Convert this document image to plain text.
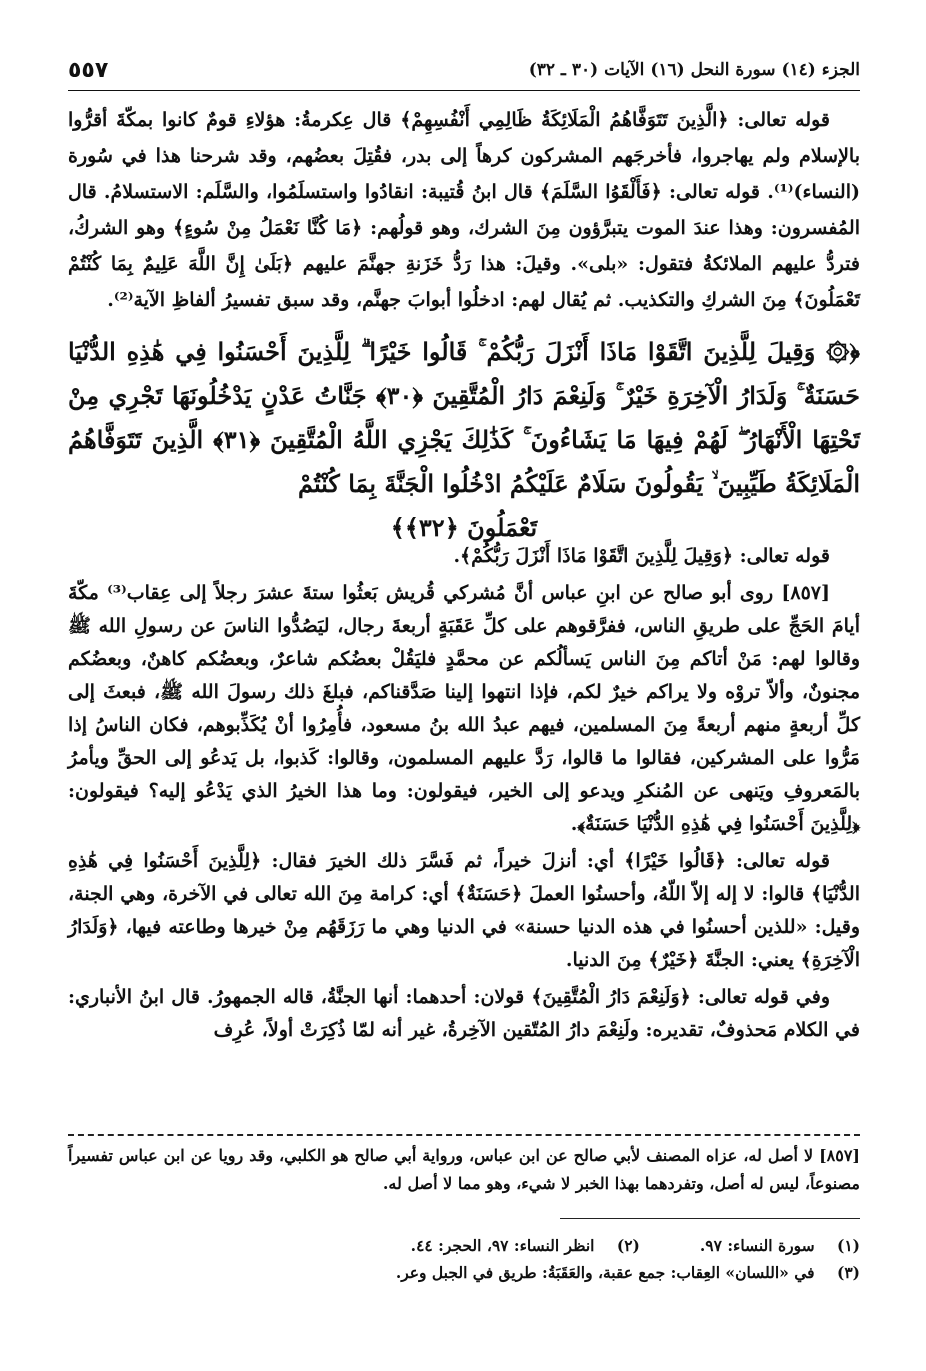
الجزء (١٤) سورة النحل (١٦) الآيات (٣٠ ـ ٣٢)
٥٥٧

قوله تعالى: ﴿الَّذِينَ تَتَوَفَّاهُمُ الْمَلَائِكَةُ ظَالِمِي أَنْفُسِهِمْ﴾ قال عِكرمةُ: هؤلاءِ قومٌ كانوا بمكّةَ أقرُّوا بالإسلام ولم يهاجروا، فأخرجَهم المشركون كرهاً إلى بدر، فقُتِلَ بعضُهم، وقد شرحنا هذا في سُورة (النساء)⁽¹⁾. قوله تعالى: ﴿فَأَلْقَوُا السَّلَمَ﴾ قال ابنُ قُتيبة: انقادُوا واستسلَمُوا، والسَّلَم: الاستسلامُ. قال المُفسرون: وهذا عندَ الموت يتبرَّؤون مِنَ الشرك، وهو قولُهم: ﴿مَا كُنَّا نَعْمَلُ مِنْ سُوءٍ﴾ وهو الشركُ، فتردُّ عليهم الملائكةُ فتقول: «بلى». وقيلَ: هذا رَدُّ خَزَنةِ جهنَّمَ عليهم ﴿بَلَىٰ إِنَّ اللَّهَ عَلِيمٌ بِمَا كُنْتُمْ تَعْمَلُونَ﴾ مِنَ الشركِ والتكذيب. ثم يُقال لهم: ادخلُوا أبوابَ جهنَّم، وقد سبق تفسيرُ ألفاظِ الآية⁽²⁾.

﴿۞ وَقِيلَ لِلَّذِينَ اتَّقَوْا مَاذَا أَنْزَلَ رَبُّكُمْ ۚ قَالُوا خَيْرًا ۗ لِلَّذِينَ أَحْسَنُوا فِي هَٰذِهِ الدُّنْيَا حَسَنَةٌ ۚ وَلَدَارُ الْآخِرَةِ خَيْرٌ ۚ وَلَنِعْمَ دَارُ الْمُتَّقِينَ ﴿٣٠﴾ جَنَّاتُ عَدْنٍ يَدْخُلُونَهَا تَجْرِي مِنْ تَحْتِهَا الْأَنْهَارُ ۖ لَهُمْ فِيهَا مَا يَشَاءُونَ ۚ كَذَٰلِكَ يَجْزِي اللَّهُ الْمُتَّقِينَ ﴿٣١﴾ الَّذِينَ تَتَوَفَّاهُمُ الْمَلَائِكَةُ طَيِّبِينَ ۙ يَقُولُونَ سَلَامٌ عَلَيْكُمُ ادْخُلُوا الْجَنَّةَ بِمَا كُنْتُمْ
تَعْمَلُونَ ﴿٣٢﴾﴾

قوله تعالى: ﴿وَقِيلَ لِلَّذِينَ اتَّقَوْا مَاذَا أَنْزَلَ رَبُّكُمْ﴾.

[٨٥٧] روى أبو صالح عن ابنِ عباس أنَّ مُشركي قُريش بَعثُوا ستةَ عشرَ رجلاً إلى عِقاب⁽³⁾ مكّةَ أيامَ الحَجِّ على طريقِ الناس، ففرَّقوهم على كلِّ عَقَبَةٍ أربعةَ رجال، ليَصُدُّوا الناسَ عن رسولِ الله ﷺ وقالوا لهم: مَنْ أتاكم مِنَ الناس يَسألُكم عن محمَّدٍ فليَقُلْ بعضُكم شاعرٌ، وبعضُكم كاهنٌ، وبعضُكم مجنونٌ، وألاّ تروْه ولا يراكم خيرٌ لكم، فإذا انتهوا إلينا صَدَّقناكم، فبلغَ ذلك رسولَ الله ﷺ، فبعثَ إلى كلِّ أربعةٍ منهم أربعةً مِنَ المسلمين، فيهم عبدُ الله بنُ مسعود، فأُمِرُوا أنْ يُكَذِّبوهم، فكان الناسُ إذا مَرُّوا على المشركين، فقالوا ما قالوا، رَدَّ عليهم المسلمون، وقالوا: كَذبوا، بل يَدعُو إلى الحقِّ ويأمرُ بالمَعروفِ ويَنهى عن المُنكرِ ويدعو إلى الخير، فيقولون: وما هذا الخيرُ الذي يَدْعُو إليه؟ فيقولون: ﴿لِلَّذِينَ أَحْسَنُوا فِي هَٰذِهِ الدُّنْيَا حَسَنَةٌ﴾.

قوله تعالى: ﴿قَالُوا خَيْرًا﴾ أي: أنزلَ خيراً، ثم فَسَّرَ ذلك الخيرَ فقال: ﴿لِلَّذِينَ أَحْسَنُوا فِي هَٰذِهِ الدُّنْيَا﴾ قالوا: لا إله إلاّ اللّهُ، وأحسنُوا العملَ ﴿حَسَنَةٌ﴾ أي: كرامة مِنَ الله تعالى في الآخرة، وهي الجنة، وقيل: «للذين أحسنُوا في هذه الدنيا حسنة» في الدنيا وهي ما رَزَقَهُم مِنْ خيرها وطاعته فيها، ﴿وَلَدَارُ الْآخِرَةِ﴾ يعني: الجنَّةَ ﴿خَيْرٌ﴾ مِنَ الدنيا.

وفي قوله تعالى: ﴿وَلَنِعْمَ دَارُ الْمُتَّقِينَ﴾ قولان: أحدهما: أنها الجنَّةُ، قاله الجمهورُ. قال ابنُ الأنباري: في الكلام مَحذوفٌ، تقديره: ولَنِعْمَ دارُ المُتّقين الآخِرةُ، غير أنه لمّا ذُكِرَتْ أولاً، عُرِف

[٨٥٧] لا أصل له، عزاه المصنف لأبي صالح عن ابن عباس، ورواية أبي صالح هو الكلبي، وقد رويا عن ابن عباس تفسيراً مصنوعاً، ليس له أصل، وتفردهما بهذا الخبر لا شيء، وهو مما لا أصل له.
(١) سورة النساء: ٩٧.
(٢) انظر النساء: ٩٧، الحجر: ٤٤.
(٣) في «اللسان» العِقاب: جمع عقبة، والعَقَبَةُ: طريق في الجبل وعر.
